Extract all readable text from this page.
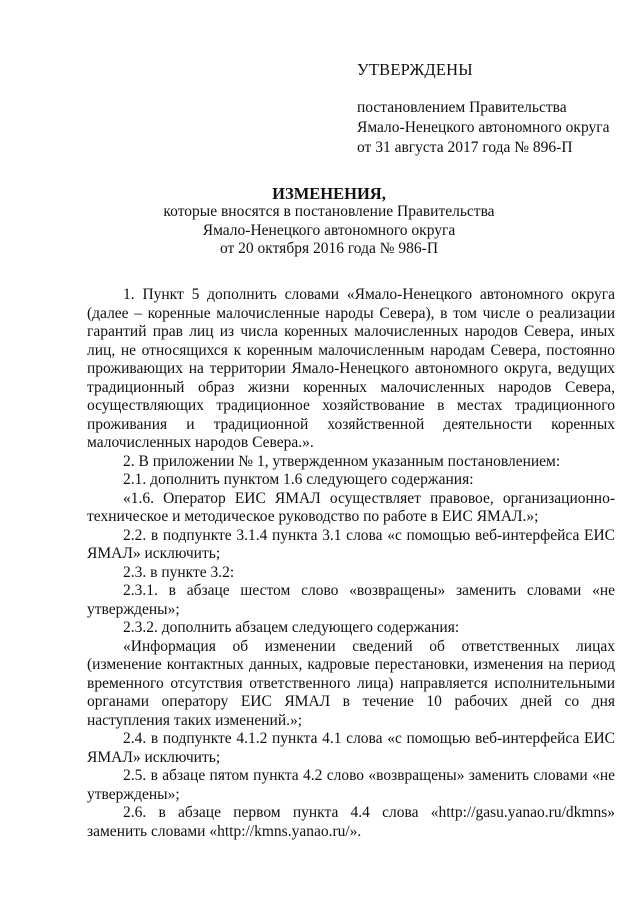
УТВЕРЖДЕНЫ
постановлением Правительства
Ямало-Ненецкого автономного округа
от 31 августа 2017 года № 896-П
ИЗМЕНЕНИЯ,
которые вносятся в постановление Правительства
Ямало-Ненецкого автономного округа
от 20 октября 2016 года № 986-П

1. Пункт 5 дополнить словами «Ямало-Ненецкого автономного округа (далее – коренные малочисленные народы Севера), в том числе о реализации гарантий прав лиц из числа коренных малочисленных народов Севера, иных лиц, не относящихся к коренным малочисленным народам Севера, постоянно проживающих на территории Ямало-Ненецкого автономного округа, ведущих традиционный образ жизни коренных малочисленных народов Севера, осуществляющих традиционное хозяйствование в местах традиционного проживания и традиционной хозяйственной деятельности коренных малочисленных народов Севера.».

2. В приложении № 1, утвержденном указанным постановлением:

2.1. дополнить пунктом 1.6 следующего содержания:

«1.6. Оператор ЕИС ЯМАЛ осуществляет правовое, организационно-техническое и методическое руководство по работе в ЕИС ЯМАЛ.»;

2.2. в подпункте 3.1.4 пункта 3.1 слова «с помощью веб-интерфейса ЕИС ЯМАЛ» исключить;

2.3. в пункте 3.2:

2.3.1. в абзаце шестом слово «возвращены» заменить словами «не утверждены»;

2.3.2. дополнить абзацем следующего содержания:

«Информация об изменении сведений об ответственных лицах (изменение контактных данных, кадровые перестановки, изменения на период временного отсутствия ответственного лица) направляется исполнительными органами оператору ЕИС ЯМАЛ в течение 10 рабочих дней со дня наступления таких изменений.»;

2.4. в подпункте 4.1.2 пункта 4.1 слова «с помощью веб-интерфейса ЕИС ЯМАЛ» исключить;

2.5. в абзаце пятом пункта 4.2 слово «возвращены» заменить словами «не утверждены»;

2.6. в абзаце первом пункта 4.4 слова «http://gasu.yanao.ru/dkmns» заменить словами «http://kmns.yanao.ru/».
